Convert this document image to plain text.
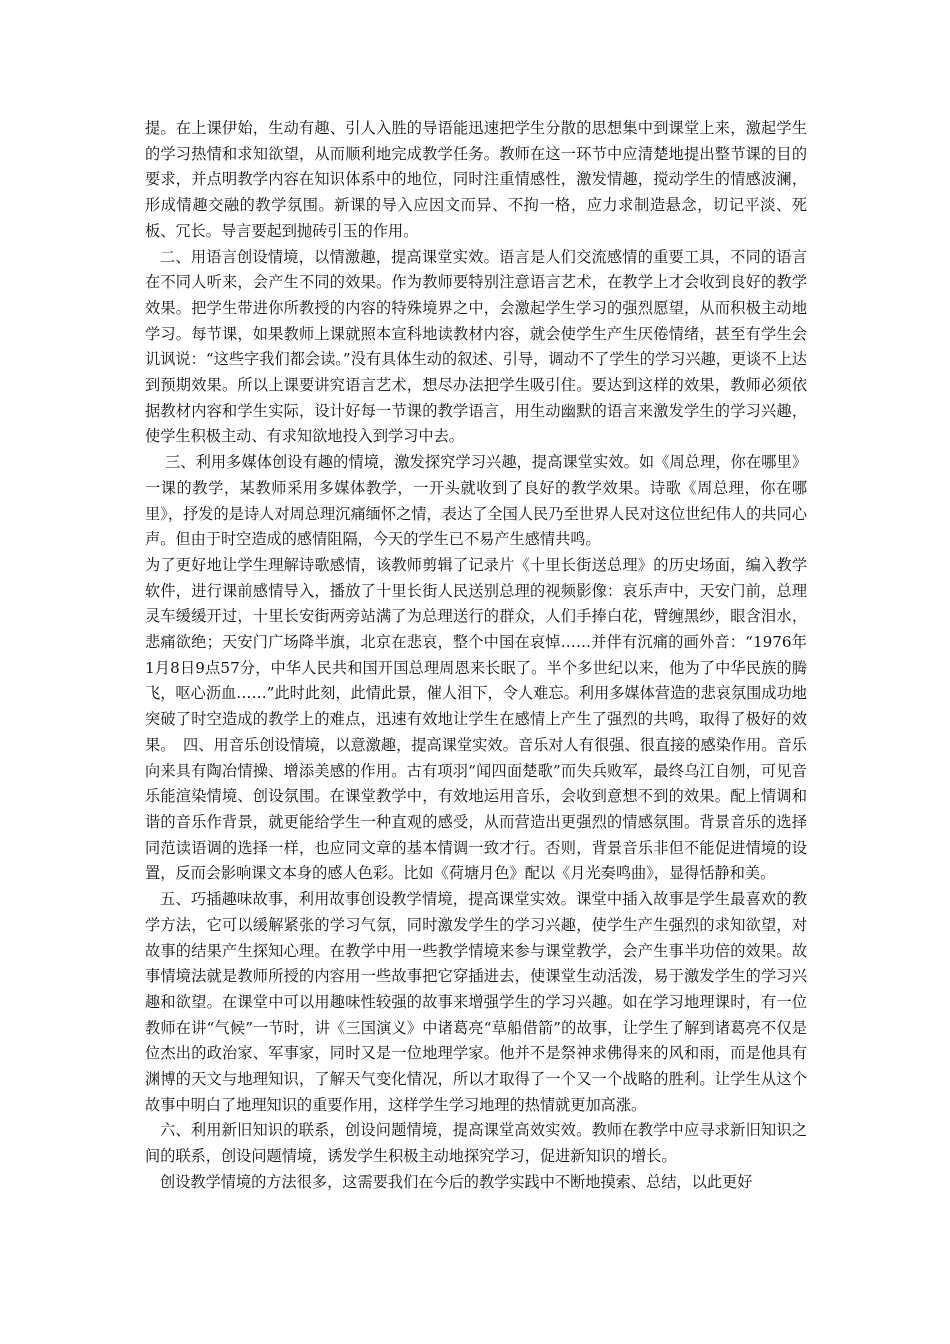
提。在上课伊始，生动有趣、引人入胜的导语能迅速把学生分散的思想集中到课堂上来，激起学生的学习热情和求知欲望，从而顺利地完成教学任务。教师在这一环节中应清楚地提出整节课的目的要求，并点明教学内容在知识体系中的地位，同时注重情感性，激发情趣，搅动学生的情感波澜，形成情趣交融的教学氛围。新课的导入应因文而异、不拘一格，应力求制造悬念，切记平淡、死板、冗长。导言要起到抛砖引玉的作用。

二、用语言创设情境，以情激趣，提高课堂实效。语言是人们交流感情的重要工具，不同的语言在不同人听来，会产生不同的效果。作为教师要特别注意语言艺术，在教学上才会收到良好的教学效果。把学生带进你所教授的内容的特殊境界之中，会激起学生学习的强烈愿望，从而积极主动地学习。每节课，如果教师上课就照本宣科地读教材内容，就会使学生产生厌倦情绪，甚至有学生会讥讽说：“这些字我们都会读。”没有具体生动的叙述、引导，调动不了学生的学习兴趣，更谈不上达到预期效果。所以上课要讲究语言艺术，想尽办法把学生吸引住。要达到这样的效果，教师必须依据教材内容和学生实际，设计好每一节课的教学语言，用生动幽默的语言来激发学生的学习兴趣，使学生积极主动、有求知欲地投入到学习中去。

三、利用多媒体创设有趣的情境，激发探究学习兴趣，提高课堂实效。如《周总理，你在哪里》一课的教学，某教师采用多媒体教学，一开头就收到了良好的教学效果。诗歌《周总理，你在哪里》，抒发的是诗人对周总理沉痛缅怀之情，表达了全国人民乃至世界人民对这位世纪伟人的共同心声。但由于时空造成的感情阻隔，今天的学生已不易产生感情共鸣。

为了更好地让学生理解诗歌感情，该教师剪辑了记录片《十里长街送总理》的历史场面，编入教学软件，进行课前感情导入，播放了十里长街人民送别总理的视频影像：哀乐声中，天安门前，总理灵车缓缓开过，十里长安街两旁站满了为总理送行的群众，人们手捧白花，臂缠黑纱，眼含泪水，悲痛欲绝；天安门广场降半旗，北京在悲哀，整个中国在哀悼……并伴有沉痛的画外音：“1976年1月8日9点57分，中华人民共和国开国总理周恩来长眠了。半个多世纪以来，他为了中华民族的腾飞，呕心沥血……”此时此刻，此情此景，催人泪下，令人难忘。利用多媒体营造的悲哀氛围成功地突破了时空造成的教学上的难点，迅速有效地让学生在感情上产生了强烈的共鸣，取得了极好的效果。　四、用音乐创设情境，以意激趣，提高课堂实效。音乐对人有很强、很直接的感染作用。音乐向来具有陶冶情操、增添美感的作用。古有项羽“闻四面楚歌”而失兵败军，最终乌江自刎，可见音乐能渲染情境、创设氛围。在课堂教学中，有效地运用音乐，会收到意想不到的效果。配上情调和谐的音乐作背景，就更能给学生一种直观的感受，从而营造出更强烈的情感氛围。背景音乐的选择同范读语调的选择一样，也应同文章的基本情调一致才行。否则，背景音乐非但不能促进情境的设置，反而会影响课文本身的感人色彩。比如《荷塘月色》配以《月光奏鸣曲》，显得恬静和美。

五、巧插趣味故事，利用故事创设教学情境，提高课堂实效。课堂中插入故事是学生最喜欢的教学方法，它可以缓解紧张的学习气氛，同时激发学生的学习兴趣，使学生产生强烈的求知欲望，对故事的结果产生探知心理。在教学中用一些教学情境来参与课堂教学，会产生事半功倍的效果。故事情境法就是教师所授的内容用一些故事把它穿插进去，使课堂生动活泼，易于激发学生的学习兴趣和欲望。在课堂中可以用趣味性较强的故事来增强学生的学习兴趣。如在学习地理课时，有一位教师在讲“气候”一节时，讲《三国演义》中诸葛亮“草船借箭”的故事，让学生了解到诸葛亮不仅是位杰出的政治家、军事家，同时又是一位地理学家。他并不是祭神求佛得来的风和雨，而是他具有渊博的天文与地理知识，了解天气变化情况，所以才取得了一个又一个战略的胜利。让学生从这个故事中明白了地理知识的重要作用，这样学生学习地理的热情就更加高涨。

六、利用新旧知识的联系，创设问题情境，提高课堂高效实效。教师在教学中应寻求新旧知识之间的联系，创设问题情境，诱发学生积极主动地探究学习，促进新知识的增长。

创设教学情境的方法很多，这需要我们在今后的教学实践中不断地摸索、总结，以此更好
